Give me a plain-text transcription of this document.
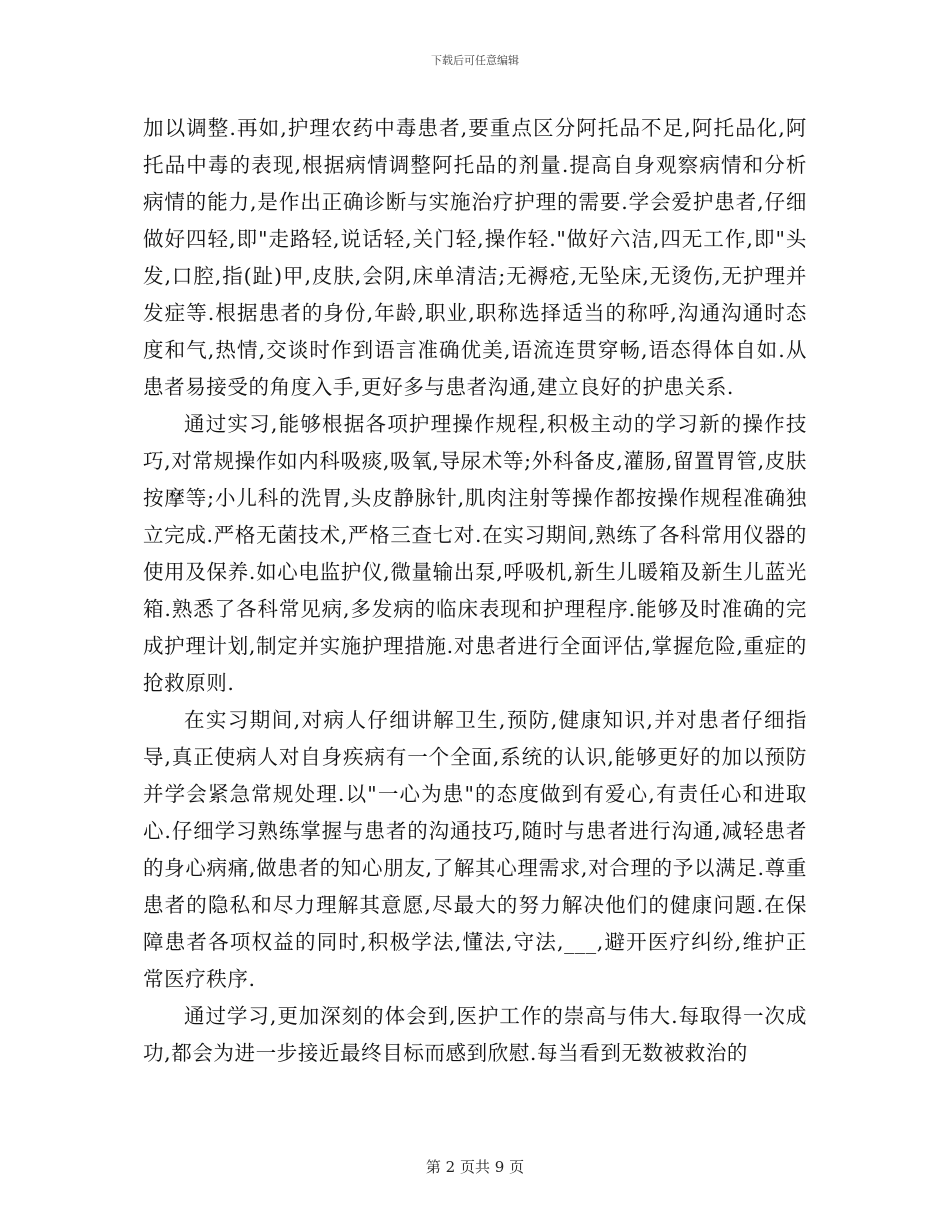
下载后可任意编辑

加以调整.再如,护理农药中毒患者,要重点区分阿托品不足,阿托品化,阿托品中毒的表现,根据病情调整阿托品的剂量.提高自身观察病情和分析病情的能力,是作出正确诊断与实施治疗护理的需要.学会爱护患者,仔细做好四轻,即"走路轻,说话轻,关门轻,操作轻."做好六洁,四无工作,即"头发,口腔,指(趾)甲,皮肤,会阴,床单清洁;无褥疮,无坠床,无烫伤,无护理并发症等.根据患者的身份,年龄,职业,职称选择适当的称呼,沟通沟通时态度和气,热情,交谈时作到语言准确优美,语流连贯穿畅,语态得体自如.从患者易接受的角度入手,更好多与患者沟通,建立良好的护患关系.

通过实习,能够根据各项护理操作规程,积极主动的学习新的操作技巧,对常规操作如内科吸痰,吸氧,导尿术等;外科备皮,灌肠,留置胃管,皮肤按摩等;小儿科的洗胃,头皮静脉针,肌肉注射等操作都按操作规程准确独立完成.严格无菌技术,严格三查七对.在实习期间,熟练了各科常用仪器的使用及保养.如心电监护仪,微量输出泵,呼吸机,新生儿暖箱及新生儿蓝光箱.熟悉了各科常见病,多发病的临床表现和护理程序.能够及时准确的完成护理计划,制定并实施护理措施.对患者进行全面评估,掌握危险,重症的抢救原则.

在实习期间,对病人仔细讲解卫生,预防,健康知识,并对患者仔细指导,真正使病人对自身疾病有一个全面,系统的认识,能够更好的加以预防并学会紧急常规处理.以"一心为患"的态度做到有爱心,有责任心和进取心.仔细学习熟练掌握与患者的沟通技巧,随时与患者进行沟通,减轻患者的身心病痛,做患者的知心朋友,了解其心理需求,对合理的予以满足.尊重患者的隐私和尽力理解其意愿,尽最大的努力解决他们的健康问题.在保障患者各项权益的同时,积极学法,懂法,守法,___,避开医疗纠纷,维护正常医疗秩序.

通过学习,更加深刻的体会到,医护工作的崇高与伟大.每取得一次成功,都会为进一步接近最终目标而感到欣慰.每当看到无数被救治的

第 2 页共 9 页
